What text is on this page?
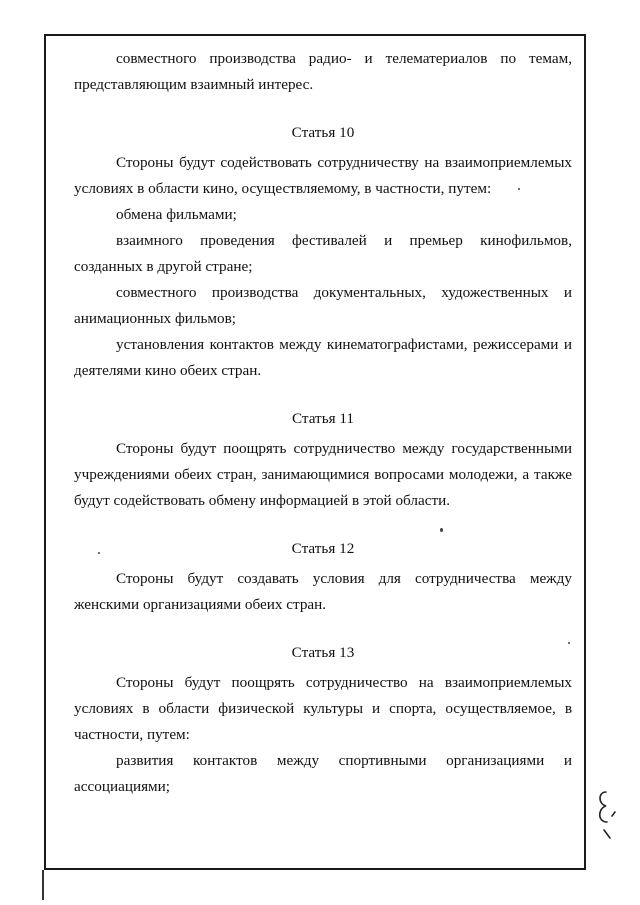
совместного производства радио- и телематериалов по темам, представляющим взаимный интерес.

Статья 10

Стороны будут содействовать сотрудничеству на взаимоприемлемых условиях в области кино, осуществляемому, в частности, путем:

обмена фильмами;

взаимного проведения фестивалей и премьер кинофильмов, созданных в другой стране;

совместного производства документальных, художественных и анимационных фильмов;

установления контактов между кинематографистами, режиссерами и деятелями кино обеих стран.

Статья 11

Стороны будут поощрять сотрудничество между государственными учреждениями обеих стран, занимающимися вопросами молодежи, а также будут содействовать обмену информацией в этой области.

Статья 12

Стороны будут создавать условия для сотрудничества между женскими организациями обеих стран.

Статья 13

Стороны будут поощрять сотрудничество на взаимоприемлемых условиях в области физической культуры и спорта, осуществляемое, в частности, путем:

развития контактов между спортивными организациями и ассоциациями;
